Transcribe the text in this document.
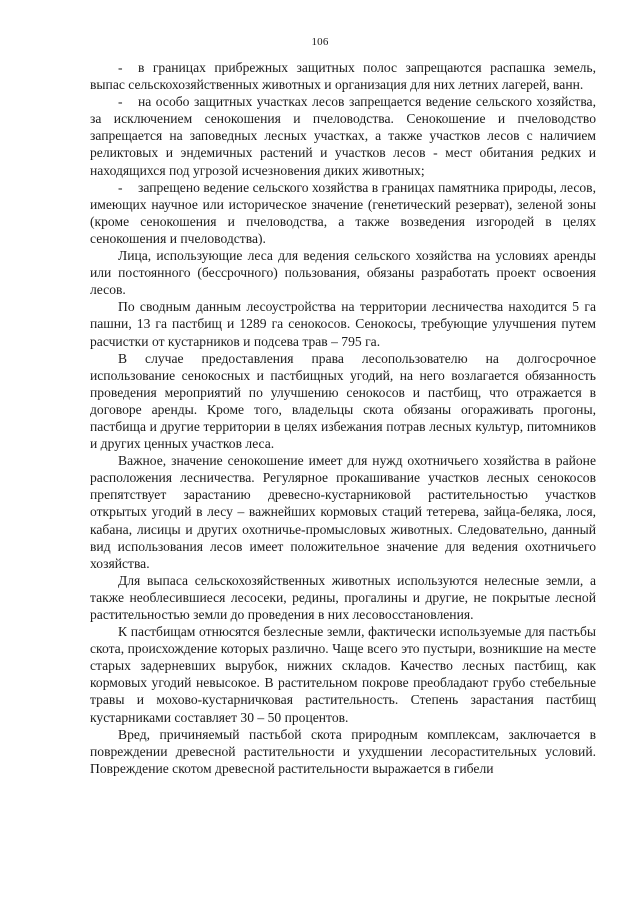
106

- в границах прибрежных защитных полос запрещаются распашка земель, выпас сельскохозяйственных животных и организация для них летних лагерей, ванн.

- на особо защитных участках лесов запрещается ведение сельского хозяйства, за исключением сенокошения и пчеловодства. Сенокошение и пчеловодство запрещается на заповедных лесных участках, а также участков лесов с наличием реликтовых и эндемичных растений и участков лесов - мест обитания редких и находящихся под угрозой исчезновения диких животных;

- запрещено ведение сельского хозяйства в границах памятника природы, лесов, имеющих научное или историческое значение (генетический резерват), зеленой зоны (кроме сенокошения и пчеловодства, а также возведения изгородей в целях сенокошения и пчеловодства).

Лица, использующие леса для ведения сельского хозяйства на условиях аренды или постоянного (бессрочного) пользования, обязаны разработать проект освоения лесов.

По сводным данным лесоустройства на территории лесничества находится 5 га пашни, 13 га пастбищ и 1289 га сенокосов. Сенокосы, требующие улучшения путем расчистки от кустарников и подсева трав – 795 га.

В случае предоставления права лесопользователю на долгосрочное использование сенокосных и пастбищных угодий, на него возлагается обязанность проведения мероприятий по улучшению сенокосов и пастбищ, что отражается в договоре аренды. Кроме того, владельцы скота обязаны огораживать прогоны, пастбища и другие территории в целях избежания потрав лесных культур, питомников и других ценных участков леса.

Важное, значение сенокошение имеет для нужд охотничьего хозяйства в районе расположения лесничества. Регулярное прокашивание участков лесных сенокосов препятствует зарастанию древесно-кустарниковой растительностью участков открытых угодий в лесу – важнейших кормовых стаций тетерева, зайца-беляка, лося, кабана, лисицы и других охотничье-промысловых животных. Следовательно, данный вид использования лесов имеет положительное значение для ведения охотничьего хозяйства.

Для выпаса сельскохозяйственных животных используются нелесные земли, а также необлесившиеся лесосеки, редины, прогалины и другие, не покрытые лесной растительностью земли до проведения в них лесовосстановления.

К пастбищам отнюсятся безлесные земли, фактически используемые для пастьбы скота, происхождение которых различно. Чаще всего это пустыри, возникшие на месте старых задерневших вырубок, нижних складов. Качество лесных пастбищ, как кормовых угодий невысокое. В растительном покрове преобладают грубо стебельные травы и мохово-кустарничковая растительность. Степень зарастания пастбищ кустарниками составляет 30 – 50 процентов.

Вред, причиняемый пастьбой скота природным комплексам, заключается в повреждении древесной растительности и ухудшении лесорастительных условий. Повреждение скотом древесной растительности выражается в гибели
